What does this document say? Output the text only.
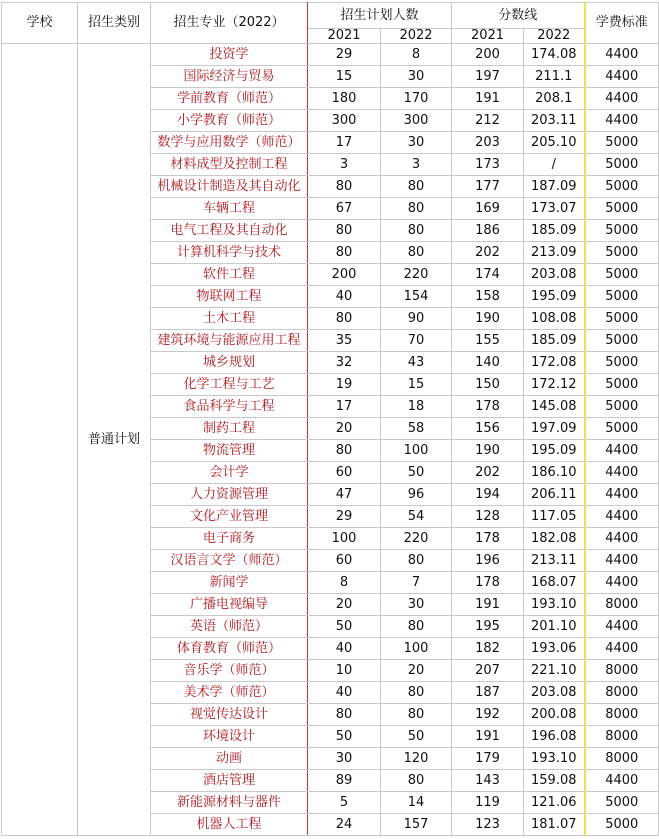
学校	招生类别	招生专业（2022）	招生计划人数		分数线		学费标准
			2021	2022	2021	2022	
	普通计划	投资学	29	8	200	174.08	4400
		国际经济与贸易	15	30	197	211.1	4400
		学前教育（师范）	180	170	191	208.1	4400
		小学教育（师范）	300	300	212	203.11	4400
		数学与应用数学（师范）	17	30	203	205.10	5000
		材料成型及控制工程	3	3	173	/	5000
		机械设计制造及其自动化	80	80	177	187.09	5000
		车辆工程	67	80	169	173.07	5000
		电气工程及其自动化	80	80	186	185.09	5000
		计算机科学与技术	80	80	202	213.09	5000
		软件工程	200	220	174	203.08	5000
		物联网工程	40	154	158	195.09	5000
		土木工程	80	90	190	108.08	5000
		建筑环境与能源应用工程	35	70	155	185.09	5000
		城乡规划	32	43	140	172.08	5000
		化学工程与工艺	19	15	150	172.12	5000
		食品科学与工程	17	18	178	145.08	5000
		制药工程	20	58	156	197.09	5000
		物流管理	80	100	190	195.09	4400
		会计学	60	50	202	186.10	4400
		人力资源管理	47	96	194	206.11	4400
		文化产业管理	29	54	128	117.05	4400
		电子商务	100	220	178	182.08	4400
		汉语言文学（师范）	60	80	196	213.11	4400
		新闻学	8	7	178	168.07	4400
		广播电视编导	20	30	191	193.10	8000
		英语（师范）	50	80	195	201.10	4400
		体育教育（师范）	40	100	182	193.06	4400
		音乐学（师范）	10	20	207	221.10	8000
		美术学（师范）	40	80	187	203.08	8000
		视觉传达设计	80	80	192	200.08	8000
		环境设计	50	50	191	196.08	8000
		动画	30	120	179	193.10	8000
		酒店管理	89	80	143	159.08	4400
		新能源材料与器件	5	14	119	121.06	5000
		机器人工程	24	157	123	181.07	5000
